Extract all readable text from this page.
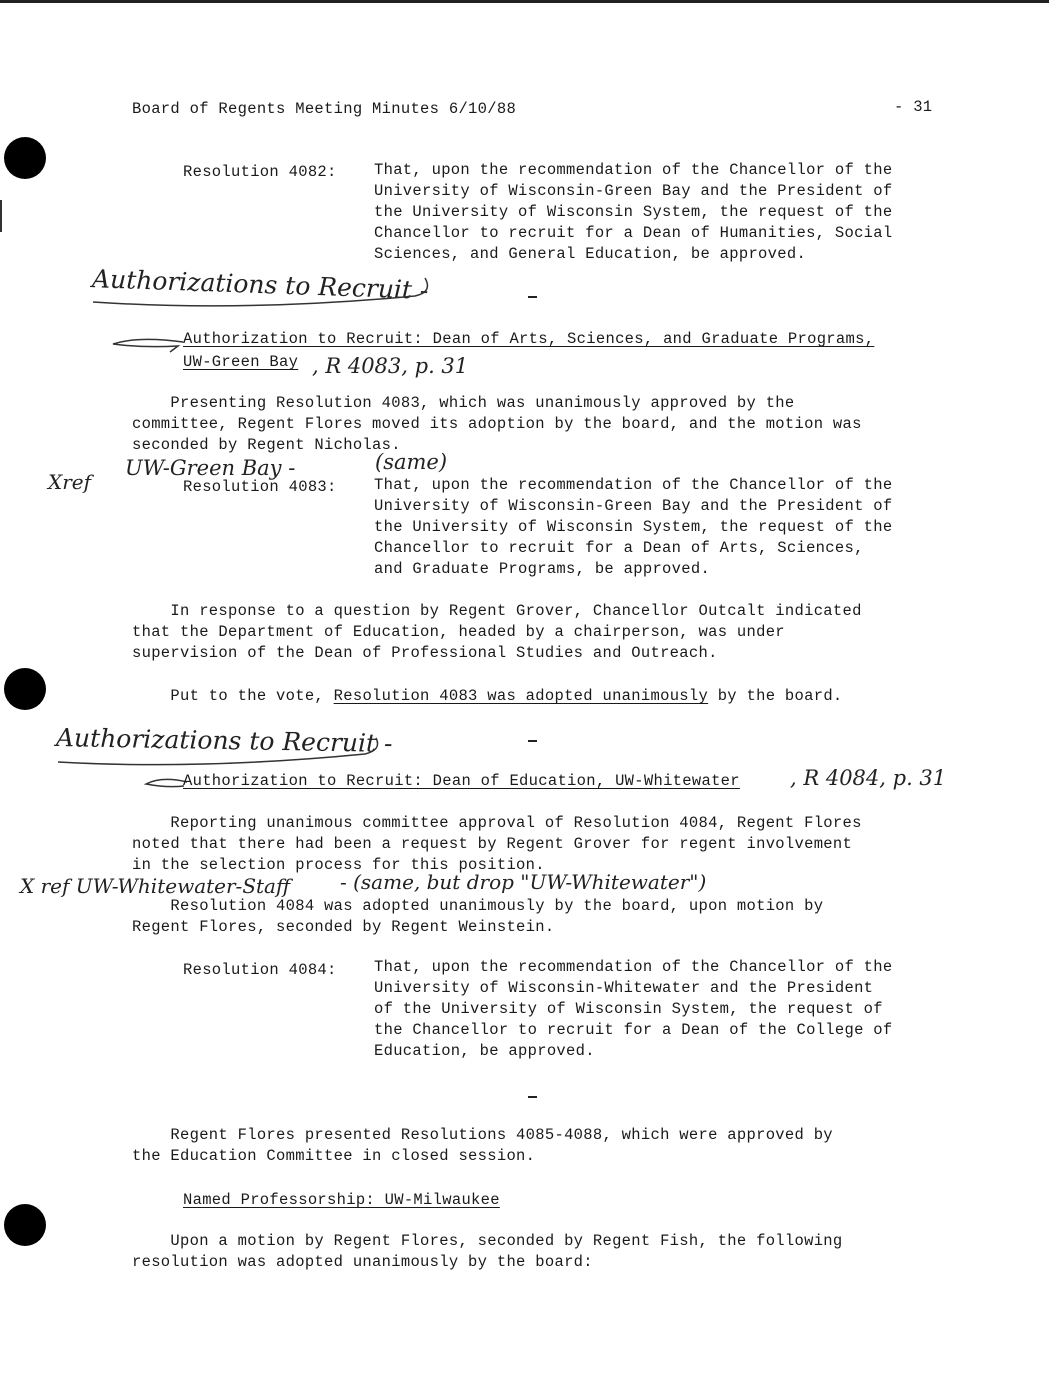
Board of Regents Meeting Minutes 6/10/88	- 31
Resolution 4082: That, upon the recommendation of the Chancellor of the
University of Wisconsin-Green Bay and the President of
the University of Wisconsin System, the request of the
Chancellor to recruit for a Dean of Humanities, Social
Sciences, and General Education, be approved.
Authorizations to Recruit -
Authorization to Recruit: Dean of Arts, Sciences, and Graduate Programs,
UW-Green Bay , R 4083, p. 31
Presenting Resolution 4083, which was unanimously approved by the
committee, Regent Flores moved its adoption by the board, and the motion was
seconded by Regent Nicholas.
Xref
UW-Green Bay -	(same)
Resolution 4083: That, upon the recommendation of the Chancellor of the
University of Wisconsin-Green Bay and the President of
the University of Wisconsin System, the request of the
Chancellor to recruit for a Dean of Arts, Sciences,
and Graduate Programs, be approved.
In response to a question by Regent Grover, Chancellor Outcalt indicated
that the Department of Education, headed by a chairperson, was under
supervision of the Dean of Professional Studies and Outreach.
Put to the vote, Resolution 4083 was adopted unanimously by the board.
Authorizations to Recruit -
Authorization to Recruit: Dean of Education, UW-Whitewater , R 4084, p. 31
Reporting unanimous committee approval of Resolution 4084, Regent Flores
noted that there had been a request by Regent Grover for regent involvement
in the selection process for this position.
X ref UW-Whitewater-Staff - (same, but drop "UW-Whitewater")
Resolution 4084 was adopted unanimously by the board, upon motion by
Regent Flores, seconded by Regent Weinstein.
Resolution 4084: That, upon the recommendation of the Chancellor of the
University of Wisconsin-Whitewater and the President
of the University of Wisconsin System, the request of
the Chancellor to recruit for a Dean of the College of
Education, be approved.
Regent Flores presented Resolutions 4085-4088, which were approved by
the Education Committee in closed session.
Named Professorship: UW-Milwaukee
Upon a motion by Regent Flores, seconded by Regent Fish, the following
resolution was adopted unanimously by the board:
